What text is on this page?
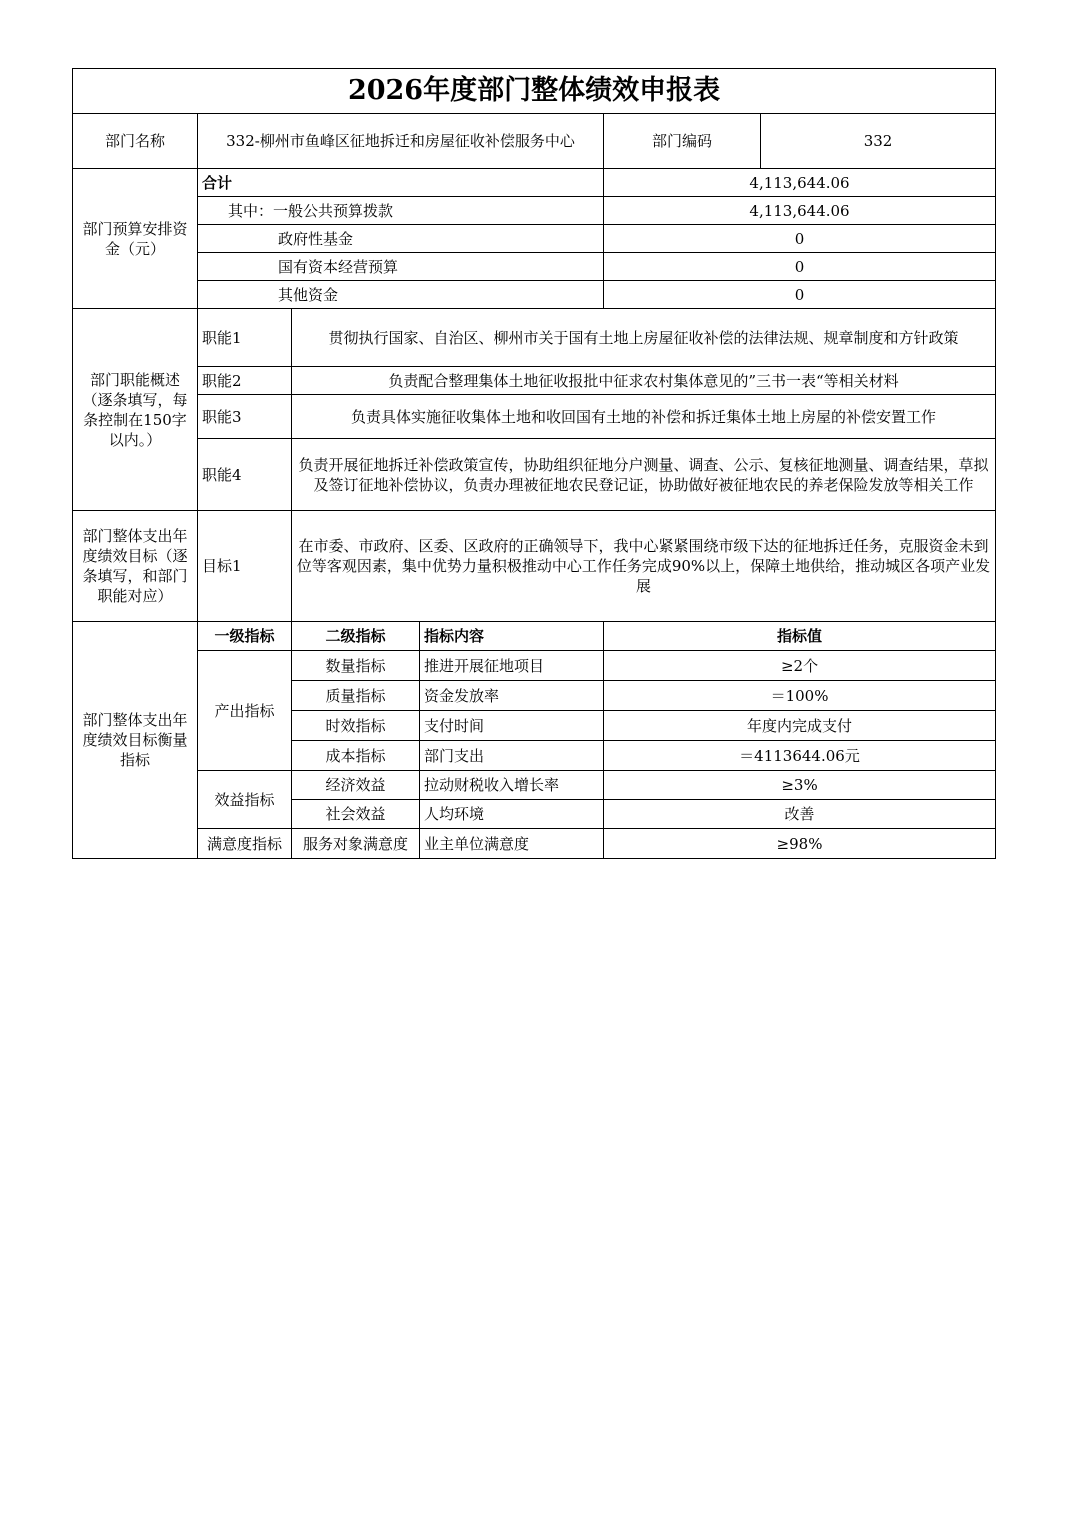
2026年度部门整体绩效申报表					
部门名称	332-柳州市鱼峰区征地拆迁和房屋征收补偿服务中心			部门编码	332
部门预算安排资金（元）	合计			4,113,644.06	
	其中：一般公共预算拨款			4,113,644.06	
	政府性基金			0	
	国有资本经营预算			0	
	其他资金			0	
部门职能概述（逐条填写，每条控制在150字以内。）	职能1	贯彻执行国家、自治区、柳州市关于国有土地上房屋征收补偿的法律法规、规章制度和方针政策			
	职能2	负责配合整理集体土地征收报批中征求农村集体意见的”三书一表“等相关材料			
	职能3	负责具体实施征收集体土地和收回国有土地的补偿和拆迁集体土地上房屋的补偿安置工作			
	职能4	负责开展征地拆迁补偿政策宣传，协助组织征地分户测量、调查、公示、复核征地测量、调查结果，草拟及签订征地补偿协议，负责办理被征地农民登记证，协助做好被征地农民的养老保险发放等相关工作			
部门整体支出年度绩效目标（逐条填写，和部门职能对应）	目标1	在市委、市政府、区委、区政府的正确领导下，我中心紧紧围绕市级下达的征地拆迁任务，克服资金未到位等客观因素，集中优势力量积极推动中心工作任务完成90%以上，保障土地供给，推动城区各项产业发展			
部门整体支出年度绩效目标衡量指标	一级指标	二级指标	指标内容	指标值	
	产出指标	数量指标	推进开展征地项目	≥2个	
		质量指标	资金发放率	＝100%	
		时效指标	支付时间	年度内完成支付	
		成本指标	部门支出	＝4113644.06元	
	效益指标	经济效益	拉动财税收入增长率	≥3%	
		社会效益	人均环境	改善	
	满意度指标	服务对象满意度	业主单位满意度	≥98%	
